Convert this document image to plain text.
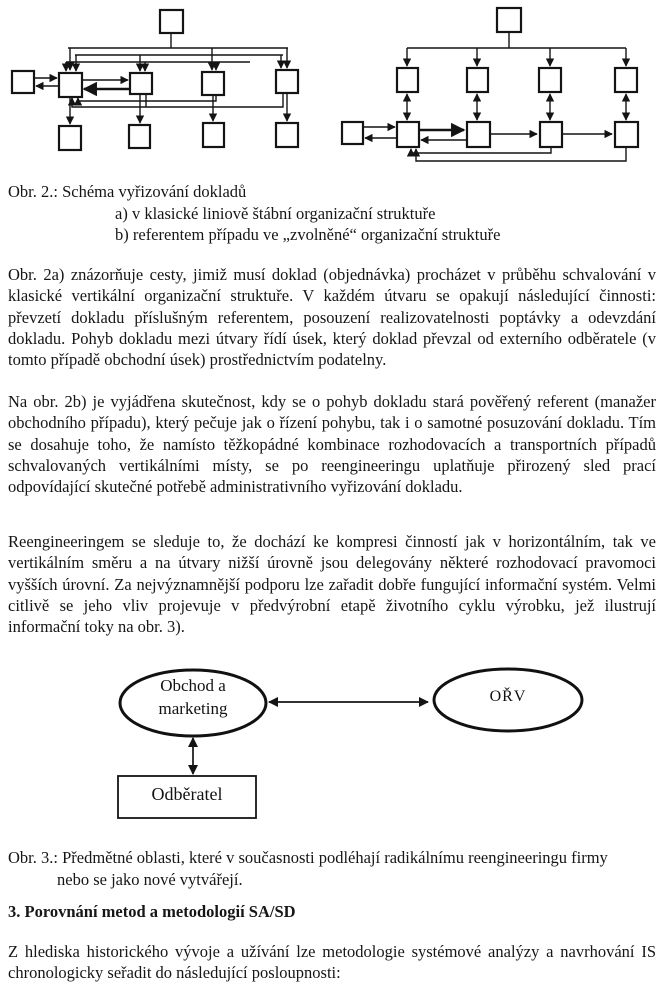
Obr. 2.: Schéma vyřizování dokladů
a) v klasické liniově štábní organizační struktuře
b) referentem případu ve „zvolněné“ organizační struktuře
Obr. 2a) znázorňuje cesty, jimiž musí doklad (objednávka) procházet v průběhu schvalování v klasické vertikální organizační struktuře. V každém útvaru se opakují následující činnosti: převzetí dokladu příslušným referentem, posouzení realizovatelnosti poptávky a odevzdání dokladu. Pohyb dokladu mezi útvary řídí úsek, který doklad převzal od externího odběratele (v tomto případě obchodní úsek) prostřednictvím podatelny.
Na obr. 2b) je vyjádřena skutečnost, kdy se o pohyb dokladu stará pověřený referent (manažer obchodního případu), který pečuje jak o řízení pohybu, tak i o samotné posuzování dokladu. Tím se dosahuje toho, že namísto těžkopádné kombinace rozhodovacích a transportních případů schvalovaných vertikálními místy, se po reengineeringu uplatňuje přirozený sled prací odpovídající skutečné potřebě administrativního vyřizování dokladu.
Reengineeringem se sleduje to, že dochází ke kompresi činností jak v horizontálním, tak ve vertikálním směru a na útvary nižší úrovně jsou delegovány některé rozhodovací pravomoci vyšších úrovní. Za nejvýznamnější podporu lze zařadit dobře fungující informační systém. Velmi citlivě se jeho vliv projevuje v předvýrobní etapě životního cyklu výrobku, jež ilustrují informační toky na obr. 3).
Obchod a
marketing
OŘV
Odběratel
Obr. 3.: Předmětné oblasti, které v současnosti podléhají radikálnímu reengineeringu firmy
nebo se jako nové vytvářejí.
3. Porovnání metod a metodologií SA/SD
Z hlediska historického vývoje a užívání lze metodologie systémové analýzy a navrhování IS chronologicky seřadit do následující posloupnosti:
